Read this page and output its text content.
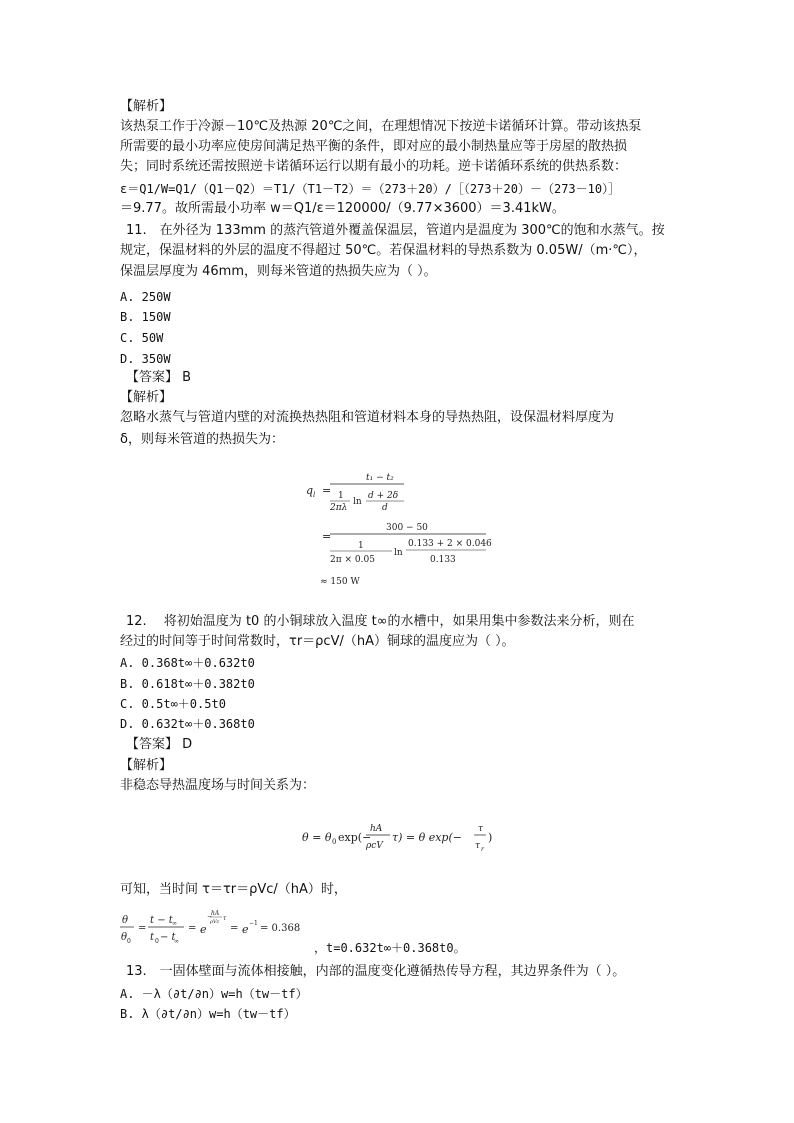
【解析】
该热泵工作于冷源－10℃及热源 20℃之间，在理想情况下按逆卡诺循环计算。带动该热泵
所需要的最小功率应使房间满足热平衡的条件，即对应的最小制热量应等于房屋的散热损
失；同时系统还需按照逆卡诺循环运行以期有最小的功耗。逆卡诺循环系统的供热系数：
ε＝Q1/W=Q1/（Q1－Q2）＝T1/（T1－T2）＝（273＋20）/［（273＋20）－（273－10）］
＝9.77。故所需最小功率 w＝Q1/ε＝120000/（9.77×3600）＝3.41kW。
11.　在外径为 133mm 的蒸汽管道外覆盖保温层，管道内是温度为 300℃的饱和水蒸气。按
规定，保温材料的外层的温度不得超过 50℃。若保温材料的导热系数为 0.05W/（m·℃），
保温层厚度为 46mm，则每米管道的热损失应为（ ）。
A. 250W
B. 150W
C. 50W
D. 350W
【答案】 B
【解析】
忽略水蒸气与管道内壁的对流换热热阻和管道材料本身的导热热阻，设保温材料厚度为
δ，则每米管道的热损失为：
q l =
t₁ − t₂
1
2πλ
ln
d + 2δ
d
=
300 − 50
1
2π × 0.05
ln
0.133 + 2 × 0.046
0.133
≈ 150 W
12.　 将初始温度为 t0 的小铜球放入温度 t∞的水槽中，如果用集中参数法来分析，则在
经过的时间等于时间常数时，τr＝ρcV/（hA）铜球的温度应为（ ）。
A. 0.368t∞＋0.632t0
B. 0.618t∞＋0.382t0
C. 0.5t∞＋0.5t0
D. 0.632t∞＋0.368t0
【答案】 D
【解析】
非稳态导热温度场与时间关系为：
θ = θ 0 exp(−
hA
ρcV
τ) = θ exp(−
τ
τ r
)
可知，当时间 τ＝τr＝ρVc/（hA）时，
θ
θ 0
=
t − t ∞
t 0 − t
∞
= e
−
hA
ρVc τ
= e −1 = 0.368
，t=0.632t∞＋0.368t0。
13.　一固体壁面与流体相接触，内部的温度变化遵循热传导方程，其边界条件为（ ）。
A. －λ（∂t/∂n）w=h（tw－tf）
B. λ（∂t/∂n）w=h（tw－tf）
